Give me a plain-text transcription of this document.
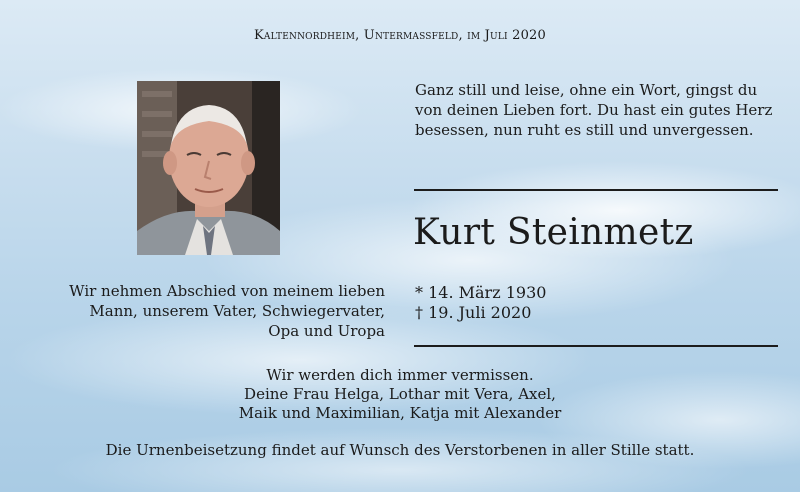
Kaltennordheim, Untermassfeld, im Juli 2020
Ganz still und leise, ohne ein Wort, gingst du
von deinen Lieben fort. Du hast ein gutes Herz
besessen, nun ruht es still und unvergessen.
Kurt Steinmetz
* 14. März 1930
† 19. Juli 2020
Wir nehmen Abschied von meinem lieben
Mann, unserem Vater, Schwiegervater,
Opa und Uropa
Wir werden dich immer vermissen.
Deine Frau Helga, Lothar mit Vera, Axel,
Maik und Maximilian, Katja mit Alexander
Die Urnenbeisetzung findet auf Wunsch des Verstorbenen in aller Stille statt.
